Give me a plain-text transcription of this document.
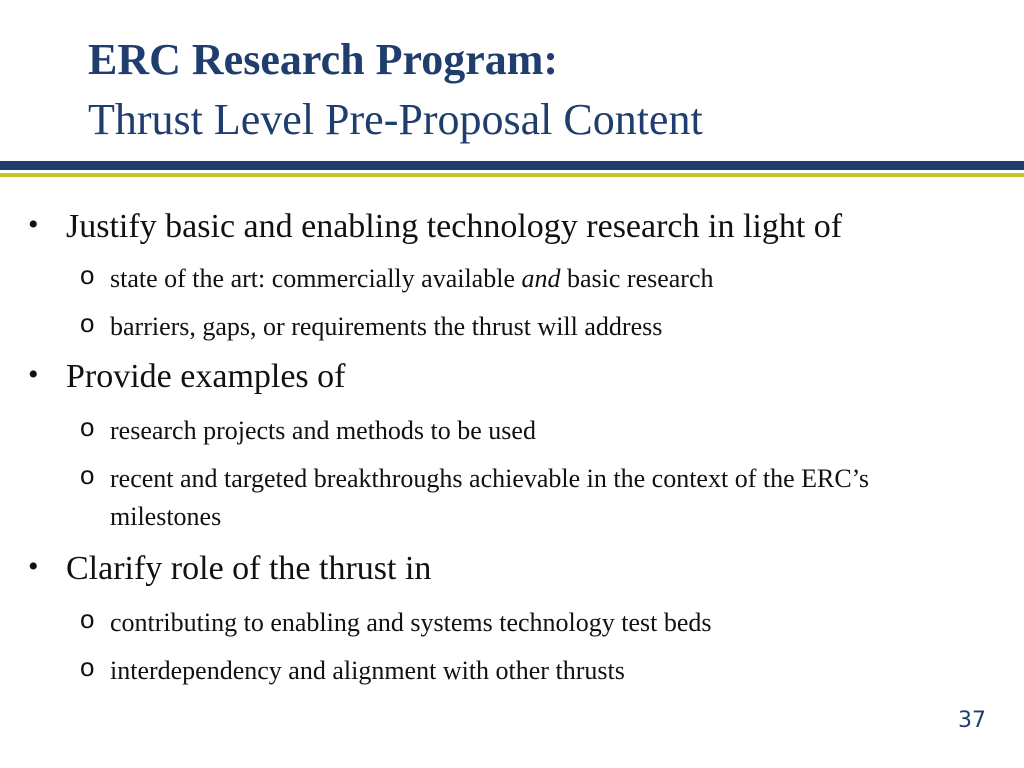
ERC Research Program:
Thrust Level Pre-Proposal Content
• Justify basic and enabling technology research in light of
o state of the art: commercially available and basic research
o barriers, gaps, or requirements the thrust will address
• Provide examples of
o research projects and methods to be used
o recent and targeted breakthroughs achievable in the context of the ERC’s milestones
• Clarify role of the thrust in
o contributing to enabling and systems technology test beds
o interdependency and alignment with other thrusts
37
